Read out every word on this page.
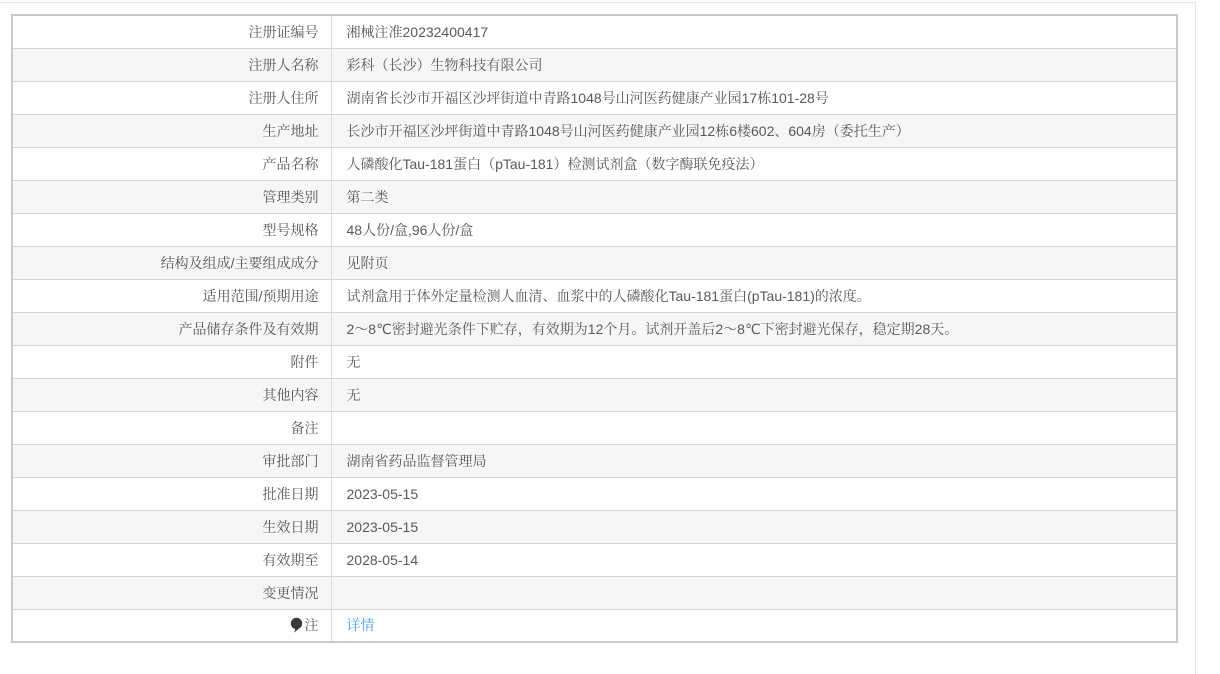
注册证编号	湘械注准20232400417
注册人名称	彩科（长沙）生物科技有限公司
注册人住所	湖南省长沙市开福区沙坪街道中青路1048号山河医药健康产业园17栋101-28号
生产地址	长沙市开福区沙坪街道中青路1048号山河医药健康产业园12栋6楼602、604房（委托生产）
产品名称	人磷酸化Tau-181蛋白（pTau-181）检测试剂盒（数字酶联免疫法）
管理类别	第二类
型号规格	48人份/盒,96人份/盒
结构及组成/主要组成成分	见附页
适用范围/预期用途	试剂盒用于体外定量检测人血清、血浆中的人磷酸化Tau-181蛋白(pTau-181)的浓度。
产品储存条件及有效期	2～8℃密封避光条件下贮存，有效期为12个月。试剂开盖后2～8℃下密封避光保存，稳定期28天。
附件	无
其他内容	无
备注	
审批部门	湖南省药品监督管理局
批准日期	2023-05-15
生效日期	2023-05-15
有效期至	2028-05-14
变更情况	
注	详情
